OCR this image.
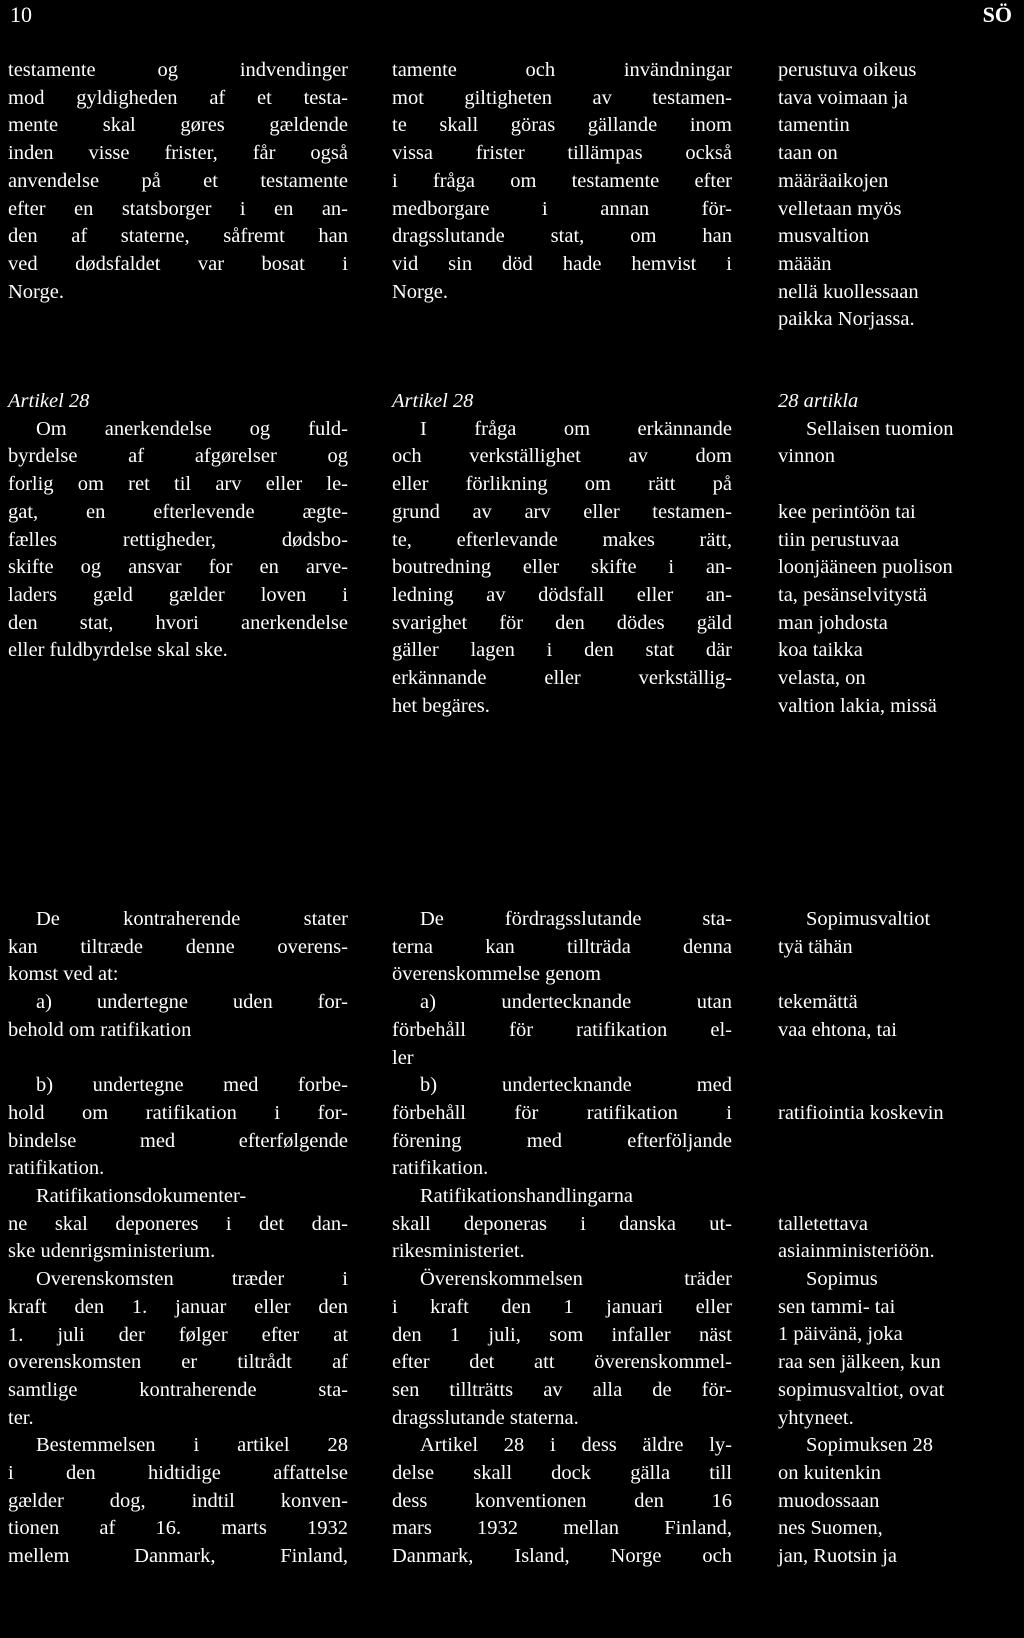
10	SÖ
testamente og indvendinger
mod gyldigheden af et testa-
mente skal gøres gældende
inden visse frister, får også
anvendelse på et testamente
efter en statsborger i en an-
den af staterne, såfremt han
ved dødsfaldet var bosat i
Norge.
Artikel 28
Om anerkendelse og fuld-
byrdelse af afgørelser og
forlig om ret til arv eller le-
gat, en efterlevende ægte-
fælles rettigheder, dødsbo-
skifte og ansvar for en arve-
laders gæld gælder loven i
den stat, hvori anerkendelse
eller fuldbyrdelse skal ske.
De kontraherende stater
kan tiltræde denne overens-
komst ved at:
a) undertegne uden for-
behold om ratifikation
b) undertegne med forbe-
hold om ratifikation i for-
bindelse med efterfølgende
ratifikation.
Ratifikationsdokumenter-
ne skal deponeres i det dan-
ske udenrigsministerium.
Overenskomsten træder i
kraft den 1. januar eller den
1. juli der følger efter at
overenskomsten er tiltrådt af
samtlige kontraherende sta-
ter.
Bestemmelsen i artikel 28
i den hidtidige affattelse
gælder dog, indtil konven-
tionen af 16. marts 1932
mellem Danmark, Finland,
tamente och invändningar
mot giltigheten av testamen-
te skall göras gällande inom
vissa frister tillämpas också
i fråga om testamente efter
medborgare i annan för-
dragsslutande stat, om han
vid sin död hade hemvist i
Norge.
Artikel 28
I fråga om erkännande
och verkställighet av dom
eller förlikning om rätt på
grund av arv eller testamen-
te, efterlevande makes rätt,
boutredning eller skifte i an-
ledning av dödsfall eller an-
svarighet för den dödes gäld
gäller lagen i den stat där
erkännande eller verkställig-
het begäres.
De fördragsslutande sta-
terna kan tillträda denna
överenskommelse genom
a) undertecknande utan
förbehåll för ratifikation el-
ler
b) undertecknande med
förbehåll för ratifikation i
förening med efterföljande
ratifikation.
Ratifikationshandlingarna
skall deponeras i danska ut-
rikesministeriet.
Överenskommelsen träder
i kraft den 1 januari eller
den 1 juli, som infaller näst
efter det att överenskommel-
sen tillträtts av alla de för-
dragsslutande staterna.
Artikel 28 i dess äldre ly-
delse skall dock gälla till
dess konventionen den 16
mars 1932 mellan Finland,
Danmark, Island, Norge och
perustuva oikeus
tava voimaan ja
tamentin
taan on
määräaikojen
velletaan myös
musvaltion
määän
nellä kuollessaan
paikka Norjassa.
28 artikla
Sellaisen tuomion
vinnon
kee perintöön tai
tiin perustuvaa
loonjääneen puolison
ta, pesänselvitystä
man johdosta
koa taikka
velasta, on
valtion lakia, missä
Sopimusvaltiot
tyä tähän
tekemättä
vaa ehtona, tai
ratifiointia koskevin
talletettava
asiainministeriöön.
Sopimus
sen tammi- tai
1 päivänä, joka
raa sen jälkeen, kun
sopimusvaltiot, ovat
yhtyneet.
Sopimuksen 28
on kuitenkin
muodossaan
nes Suomen,
jan, Ruotsin ja
